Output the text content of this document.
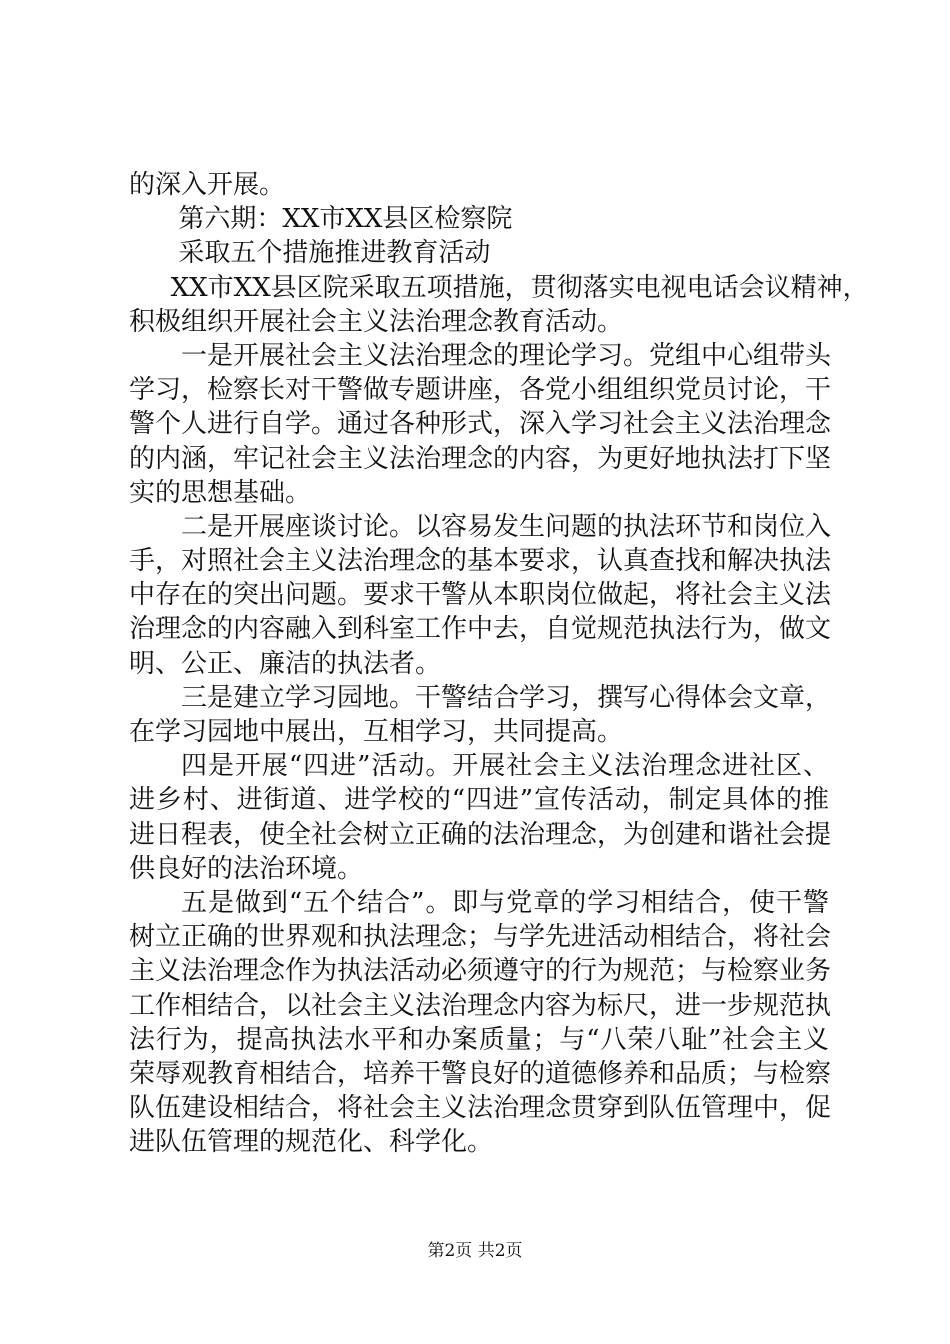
的深入开展。
第六期：XX市XX县区检察院
采取五个措施推进教育活动
XX市XX县区院采取五项措施，贯彻落实电视电话会议精神，
积极组织开展社会主义法治理念教育活动。
一是开展社会主义法治理念的理论学习。党组中心组带头
学习，检察长对干警做专题讲座，各党小组组织党员讨论，干
警个人进行自学。通过各种形式，深入学习社会主义法治理念
的内涵，牢记社会主义法治理念的内容，为更好地执法打下坚
实的思想基础。
二是开展座谈讨论。以容易发生问题的执法环节和岗位入
手，对照社会主义法治理念的基本要求，认真查找和解决执法
中存在的突出问题。要求干警从本职岗位做起，将社会主义法
治理念的内容融入到科室工作中去，自觉规范执法行为，做文
明、公正、廉洁的执法者。
三是建立学习园地。干警结合学习，撰写心得体会文章，
在学习园地中展出，互相学习，共同提高。
四是开展“四进”活动。开展社会主义法治理念进社区、
进乡村、进街道、进学校的“四进”宣传活动，制定具体的推
进日程表，使全社会树立正确的法治理念，为创建和谐社会提
供良好的法治环境。
五是做到“五个结合”。即与党章的学习相结合，使干警
树立正确的世界观和执法理念；与学先进活动相结合，将社会
主义法治理念作为执法活动必须遵守的行为规范；与检察业务
工作相结合，以社会主义法治理念内容为标尺，进一步规范执
法行为，提高执法水平和办案质量；与“八荣八耻”社会主义
荣辱观教育相结合，培养干警良好的道德修养和品质；与检察
队伍建设相结合，将社会主义法治理念贯穿到队伍管理中，促
进队伍管理的规范化、科学化。
第2页 共2页
